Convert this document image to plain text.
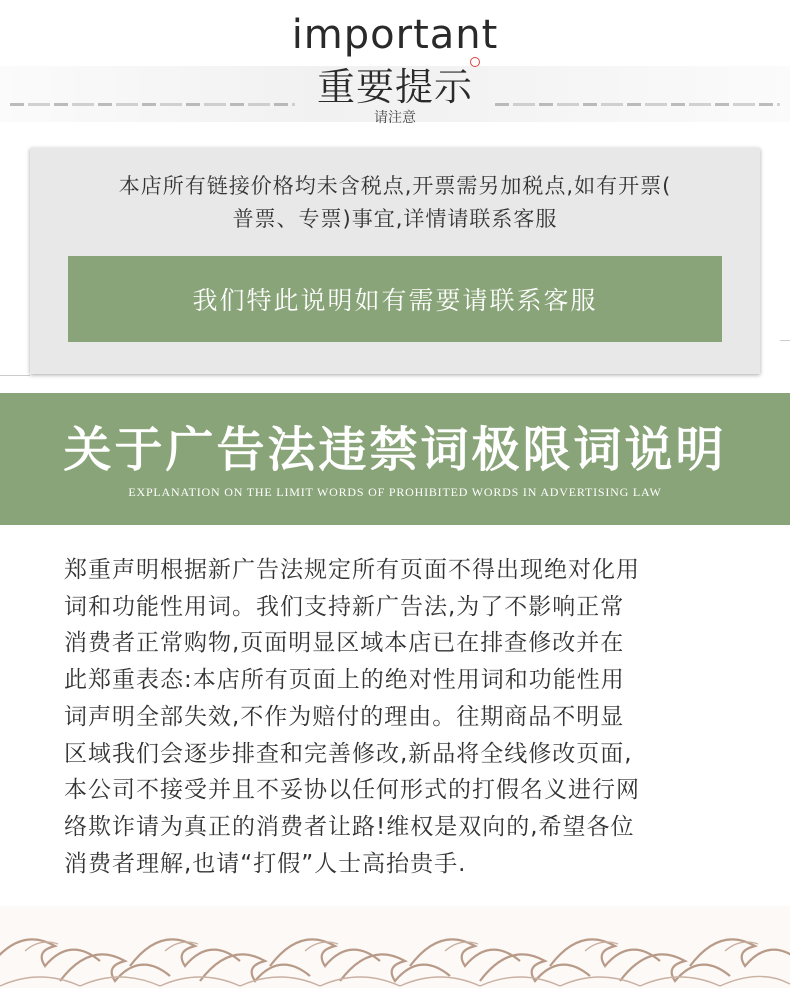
important
重要提示
请注意
本店所有链接价格均未含税点,开票需另加税点,如有开票(
普票、专票)事宜,详情请联系客服
我们特此说明如有需要请联系客服
关于广告法违禁词极限词说明
EXPLANATION ON THE LIMIT WORDS OF PROHIBITED WORDS IN ADVERTISING LAW
郑重声明根据新广告法规定所有页面不得出现绝对化用
词和功能性用词。我们支持新广告法,为了不影响正常
消费者正常购物,页面明显区域本店已在排查修改并在
此郑重表态:本店所有页面上的绝对性用词和功能性用
词声明全部失效,不作为赔付的理由。往期商品不明显
区域我们会逐步排查和完善修改,新品将全线修改页面,
本公司不接受并且不妥协以任何形式的打假名义进行网
络欺诈请为真正的消费者让路!维权是双向的,希望各位
消费者理解,也请“打假”人士高抬贵手.
